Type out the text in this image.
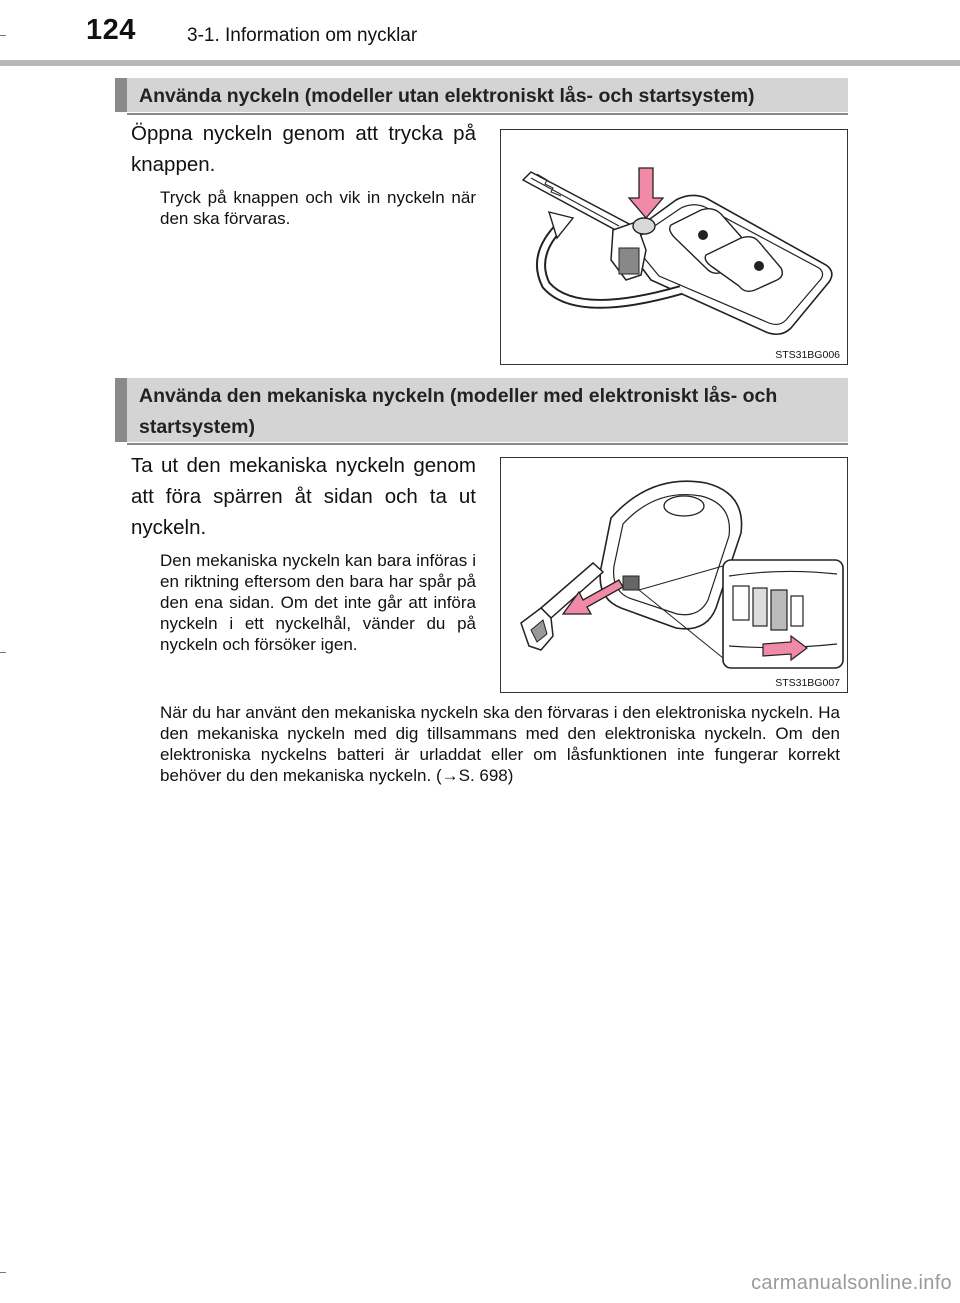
124	3-1. Information om nycklar
Använda nyckeln (modeller utan elektroniskt lås- och startsystem)
Öppna nyckeln genom att trycka på knappen.
Tryck på knappen och vik in nyckeln när den ska förvaras.
STS31BG006
Använda den mekaniska nyckeln (modeller med elektroniskt lås- och startsystem)
Ta ut den mekaniska nyckeln genom att föra spärren åt sidan och ta ut nyckeln.
Den mekaniska nyckeln kan bara införas i en riktning eftersom den bara har spår på den ena sidan. Om det inte går att införa nyckeln i ett nyckelhål, vänder du på nyckeln och försöker igen.
STS31BG007
När du har använt den mekaniska nyckeln ska den förvaras i den elektroniska nyckeln. Ha den mekaniska nyckeln med dig tillsammans med den elektroniska nyckeln. Om den elektroniska nyckelns batteri är urladdat eller om låsfunktionen inte fungerar korrekt behöver du den mekaniska nyckeln. (→S. 698)
carmanualsonline.info
